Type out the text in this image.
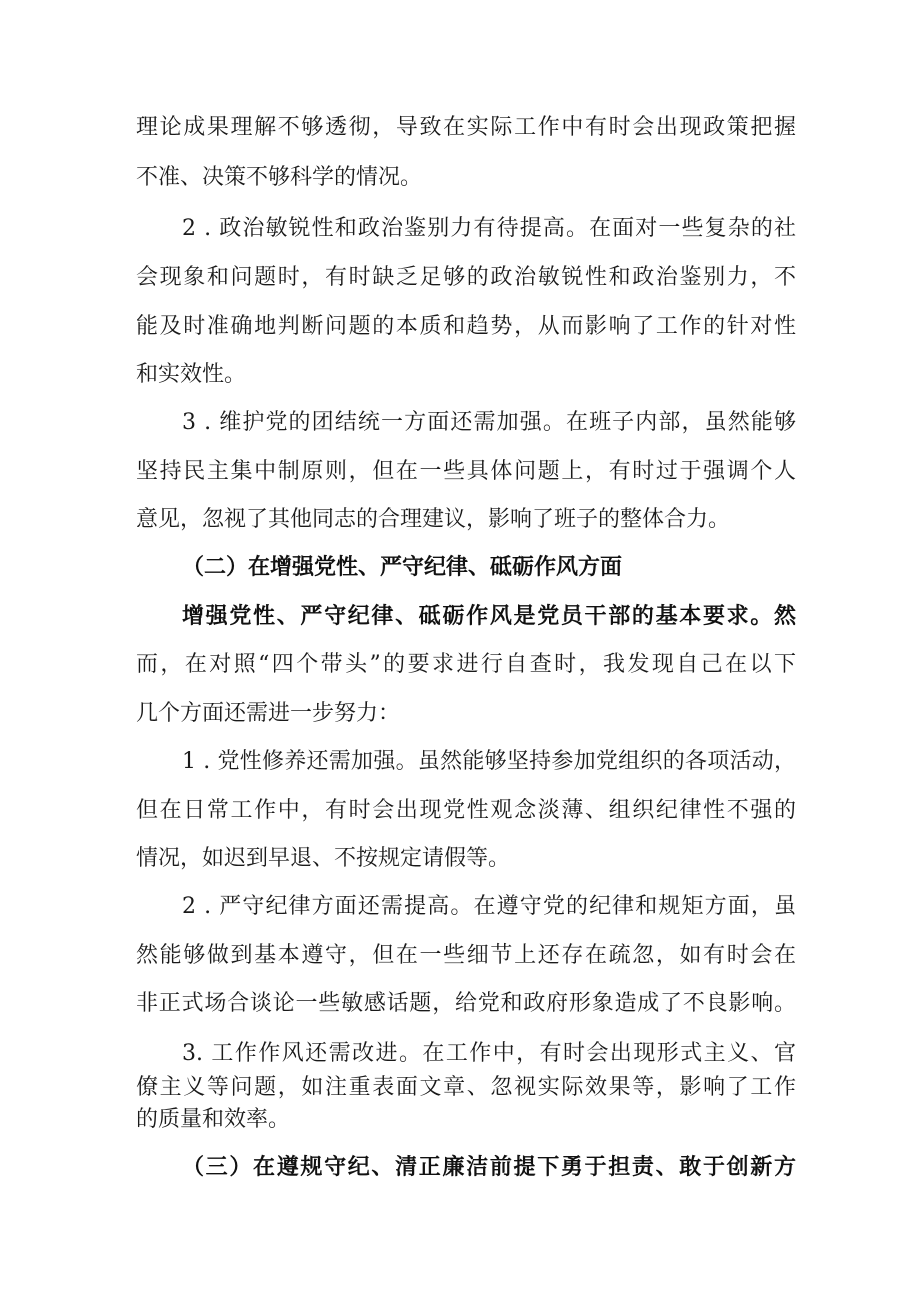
理论成果理解不够透彻，导致在实际工作中有时会出现政策把握
不准、决策不够科学的情况。
2 . 政治敏锐性和政治鉴别力有待提高。在面对一些复杂的社
会现象和问题时，有时缺乏足够的政治敏锐性和政治鉴别力，不
能及时准确地判断问题的本质和趋势，从而影响了工作的针对性
和实效性。
3 . 维护党的团结统一方面还需加强。在班子内部，虽然能够
坚持民主集中制原则，但在一些具体问题上，有时过于强调个人
意见，忽视了其他同志的合理建议，影响了班子的整体合力。
（二）在增强党性、严守纪律、砥砺作风方面
增强党性、严守纪律、砥砺作风是党员干部的基本要求。然
而，在对照“四个带头”的要求进行自查时，我发现自己在以下
几个方面还需进一步努力：
1 . 党性修养还需加强。虽然能够坚持参加党组织的各项活动，
但在日常工作中，有时会出现党性观念淡薄、组织纪律性不强的
情况，如迟到早退、不按规定请假等。
2 . 严守纪律方面还需提高。在遵守党的纪律和规矩方面，虽
然能够做到基本遵守，但在一些细节上还存在疏忽，如有时会在
非正式场合谈论一些敏感话题，给党和政府形象造成了不良影响。
3. 工作作风还需改进。在工作中，有时会出现形式主义、官
僚主义等问题，如注重表面文章、忽视实际效果等，影响了工作
的质量和效率。
（三）在遵规守纪、清正廉洁前提下勇于担责、敢于创新方
